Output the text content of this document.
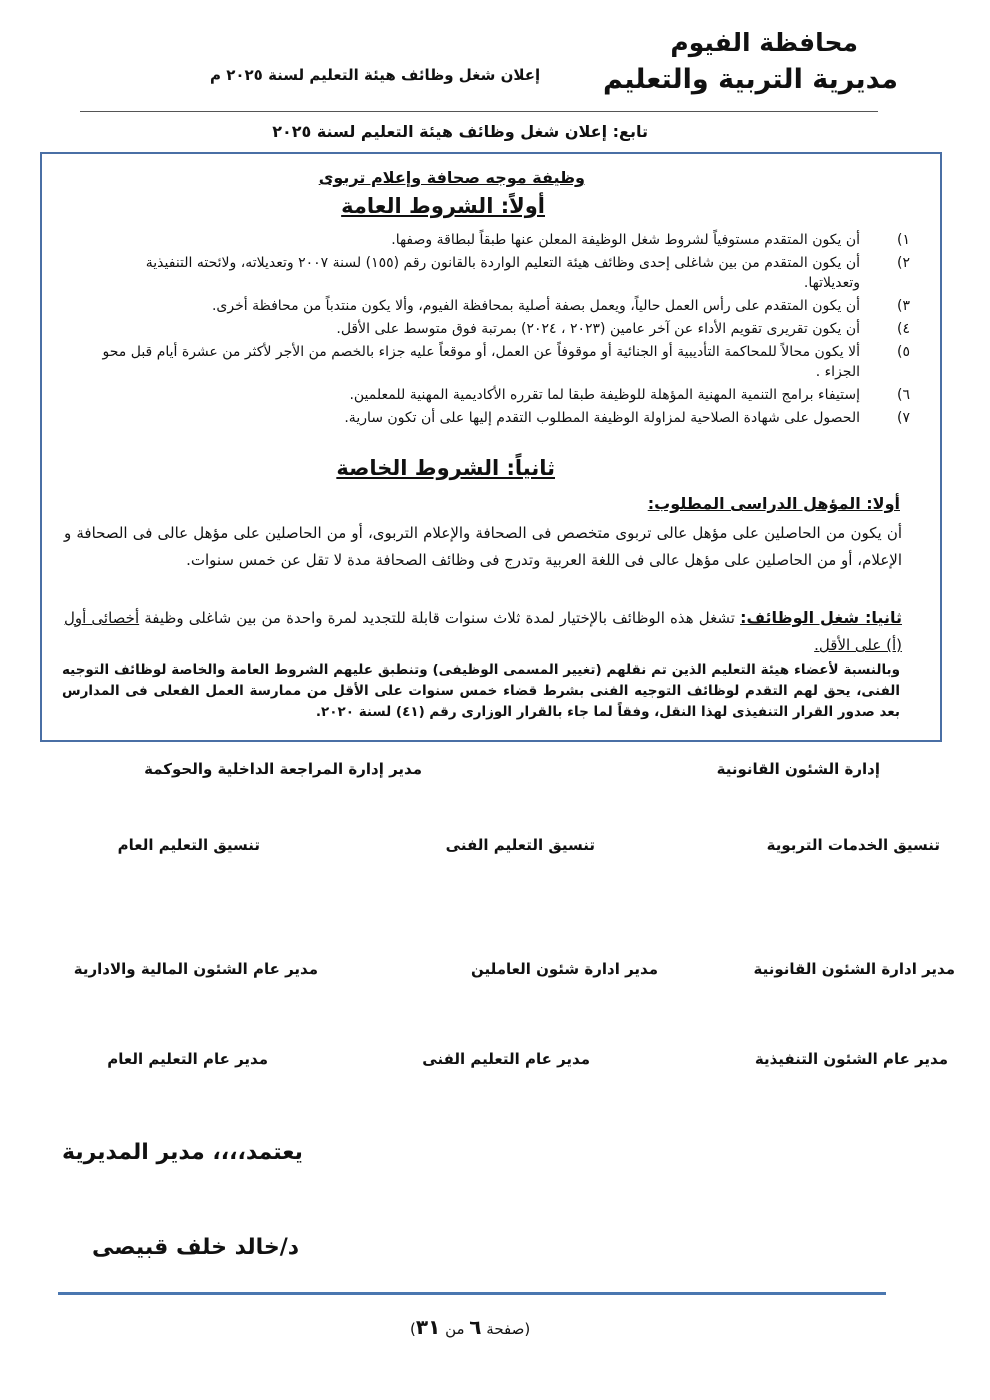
محافظة الفيوم
مديرية التربية والتعليم
إعلان شغل وظائف هيئة التعليم لسنة ٢٠٢٥ م
تابع: إعلان شغل وظائف هيئة التعليم لسنة ٢٠٢٥
وظيفة موجه صحافة وإعلام تربوى
أولاً: الشروط العامة
١)
أن يكون المتقدم مستوفياً لشروط شغل الوظيفة المعلن عنها طبقاً لبطاقة وصفها.
٢)
أن يكون المتقدم من بين شاغلى إحدى وظائف هيئة التعليم الواردة بالقانون رقم (١٥٥) لسنة ٢٠٠٧ وتعديلاته، ولائحته التنفيذية وتعديلاتها.
٣)
أن يكون المتقدم على رأس العمل حالياً، ويعمل بصفة أصلية بمحافظة الفيوم، وألا يكون منتدباً من محافظة أخرى.
٤)
أن يكون تقريرى تقويم الأداء عن آخر عامين (٢٠٢٣ ، ٢٠٢٤) بمرتبة فوق متوسط على الأقل.
٥)
ألا يكون محالاً للمحاكمة التأديبية أو الجنائية أو موقوفاً عن العمل، أو موقعاً عليه جزاء بالخصم من الأجر لأكثر من عشرة أيام قبل محو الجزاء .
٦)
إستيفاء برامج التنمية المهنية المؤهلة للوظيفة طبقا لما تقرره الأكاديمية المهنية للمعلمين.
٧)
الحصول على شهادة الصلاحية لمزاولة الوظيفة المطلوب التقدم إليها على أن تكون سارية.
ثانياً: الشروط الخاصة
أولا: المؤهل الدراسى المطلوب:
أن يكون من الحاصلين على مؤهل عالى تربوى متخصص فى الصحافة والإعلام التربوى، أو من الحاصلين على مؤهل عالى فى الصحافة و الإعلام، أو من الحاصلين على مؤهل عالى فى اللغة العربية وتدرج فى وظائف الصحافة مدة لا تقل عن خمس سنوات.
ثانيا: شغل الوظائف: تشغل هذه الوظائف بالإختيار لمدة ثلاث سنوات قابلة للتجديد لمرة واحدة من بين شاغلى وظيفة أخصائى أول (أ) على الأقل.
وبالنسبة لأعضاء هيئة التعليم الذين تم نقلهم (تغيير المسمى الوظيفى) وتنطبق عليهم الشروط العامة والخاصة لوظائف التوجيه الفنى، يحق لهم التقدم لوظائف التوجيه الفنى بشرط قضاء خمس سنوات على الأقل من ممارسة العمل الفعلى فى المدارس بعد صدور القرار التنفيذى لهذا النقل، وفقاً لما جاء بالقرار الوزارى رقم (٤١) لسنة ٢٠٢٠.
إدارة الشئون القانونية
مدير إدارة المراجعة الداخلية والحوكمة
تنسيق الخدمات التربوية
تنسيق التعليم الفنى
تنسيق التعليم العام
مدير ادارة الشئون القانونية
مدير ادارة شئون العاملين
مدير عام الشئون المالية والادارية
مدير عام الشئون التنفيذية
مدير عام التعليم الفنى
مدير عام التعليم العام
يعتمد،،،، مدير المديرية
د/خالد خلف قبيصى
(صفحة ٦ من ٣١)
